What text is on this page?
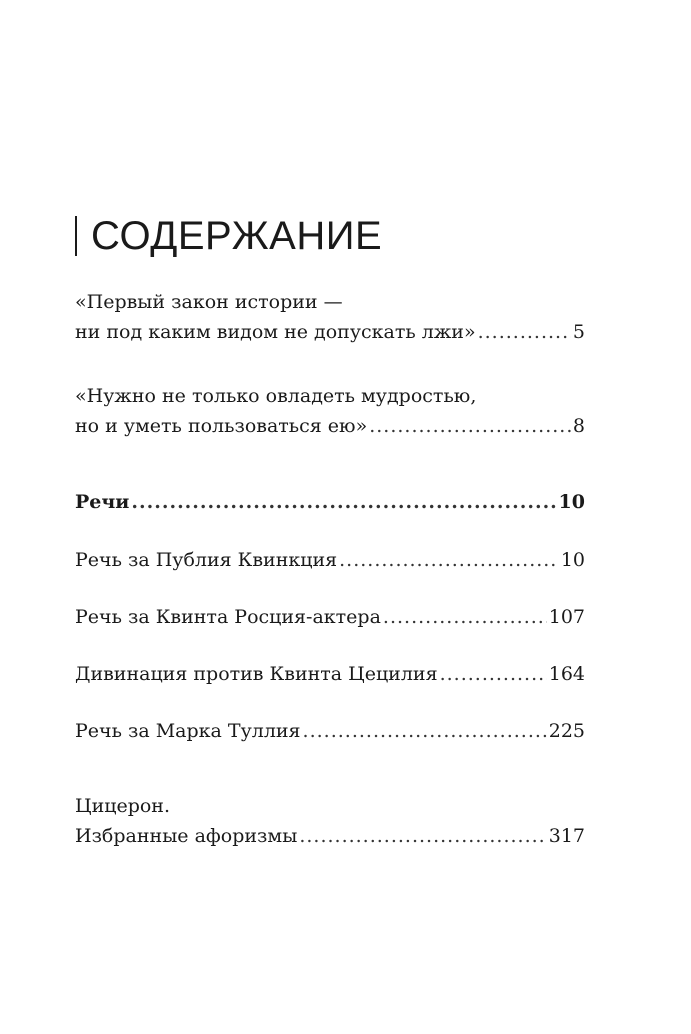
СОДЕРЖАНИЕ
«Первый закон истории —
ни под каким видом не допускать лжи» .....	5
«Нужно не только овладеть мудростью,
но и уметь пользоваться ею» .....	8
Речи .....	10
Речь за Публия Квинкция .....	10
Речь за Квинта Росция-актера .....	107
Дивинация против Квинта Цецилия .....	164
Речь за Марка Туллия .....	225
Цицерон.
Избранные афоризмы .....	317
